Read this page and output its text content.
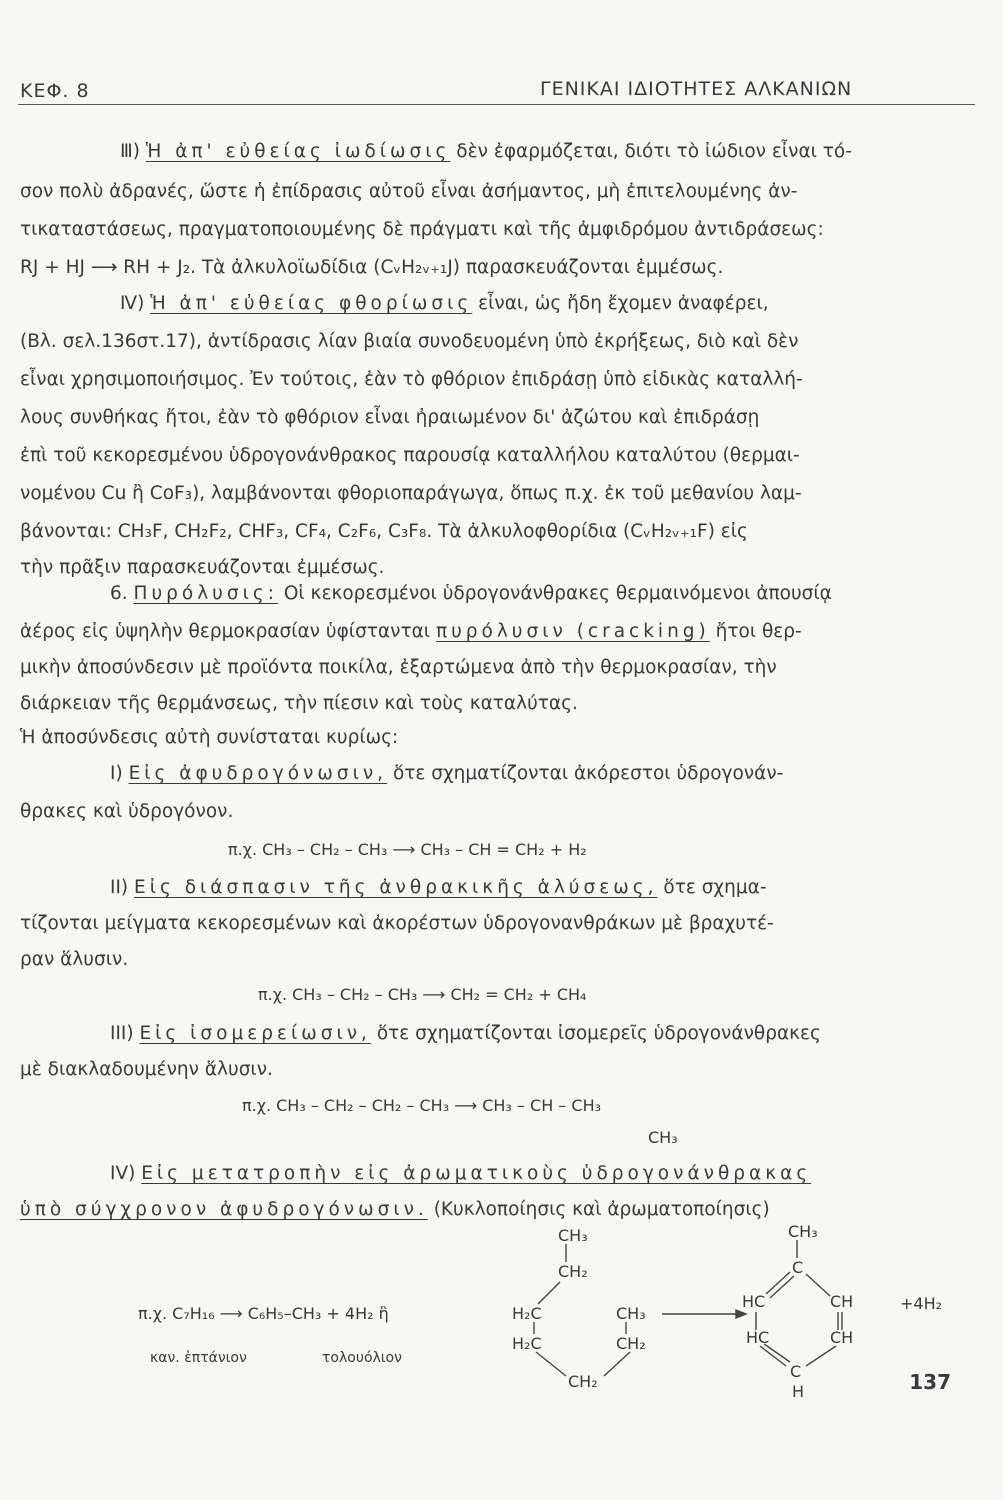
ΚΕΦ. 8	ΓΕΝΙΚΑΙ ΙΔΙΟΤΗΤΕΣ ΑΛΚΑΝΙΩΝ
Ⅲ) Ἡ ἀπ' εὐθείας ἰωδίωσις δὲν ἐφαρμόζεται, διότι τὸ ἰώδιον εἶναι τό-
σον πολὺ ἀδρανές, ὥστε ἡ ἐπίδρασις αὐτοῦ εἶναι ἀσήμαντος, μὴ ἐπιτελουμένης ἀν-
τικαταστάσεως, πραγματοποιουμένης δὲ πράγματι καὶ τῆς ἀμφιδρόμου ἀντιδράσεως:
RJ + HJ ⟶ RH + J₂. Τὰ ἀλκυλοϊωδίδια (CᵥH₂ᵥ₊₁J) παρασκευάζονται ἐμμέσως.
Ⅳ) Ἡ ἀπ' εὐθείας φθορίωσις εἶναι, ὡς ἤδη ἔχομεν ἀναφέρει,
(Βλ. σελ.136στ.17), ἀντίδρασις λίαν βιαία συνοδευομένη ὑπὸ ἐκρήξεως, διὸ καὶ δὲν
εἶναι χρησιμοποιήσιμος. Ἐν τούτοις, ἐὰν τὸ φθόριον ἐπιδράσῃ ὑπὸ εἰδικὰς καταλλή-
λους συνθήκας ἤτοι, ἐὰν τὸ φθόριον εἶναι ἠραιωμένον δι' ἀζώτου καὶ ἐπιδράσῃ
ἐπὶ τοῦ κεκορεσμένου ὑδρογονάνθρακος παρουσίᾳ καταλλήλου καταλύτου (θερμαι-
νομένου Cu ἢ CoF₃), λαμβάνονται φθοριοπαράγωγα, ὅπως π.χ. ἐκ τοῦ μεθανίου λαμ-
βάνονται: CH₃F, CH₂F₂, CHF₃, CF₄, C₂F₆, C₃F₈. Τὰ ἀλκυλοφθορίδια (CᵥH₂ᵥ₊₁F) εἰς
τὴν πρᾶξιν παρασκευάζονται ἐμμέσως.
6. Πυρόλυσις: Οἱ κεκορεσμένοι ὑδρογονάνθρακες θερμαινόμενοι ἀπουσίᾳ
ἀέρος εἰς ὑψηλὴν θερμοκρασίαν ὑφίστανται πυρόλυσιν (cracking) ἤτοι θερ-
μικὴν ἀποσύνδεσιν μὲ προϊόντα ποικίλα, ἐξαρτώμενα ἀπὸ τὴν θερμοκρασίαν, τὴν
διάρκειαν τῆς θερμάνσεως, τὴν πίεσιν καὶ τοὺς καταλύτας.
Ἡ ἀποσύνδεσις αὐτὴ συνίσταται κυρίως:
Ι) Εἰς ἀφυδρογόνωσιν, ὅτε σχηματίζονται ἀκόρεστοι ὑδρογονάν-
θρακες καὶ ὑδρογόνον.
π.χ. CH₃ – CH₂ – CH₃ ⟶ CH₃ – CH = CH₂ + H₂
ΙΙ) Εἰς διάσπασιν τῆς ἀνθρακικῆς ἁλύσεως, ὅτε σχημα-
τίζονται μείγματα κεκορεσμένων καὶ ἀκορέστων ὑδρογονανθράκων μὲ βραχυτέ-
ραν ἅλυσιν.
π.χ. CH₃ – CH₂ – CH₃ ⟶ CH₂ = CH₂ + CH₄
ΙΙΙ) Εἰς ἰσομερείωσιν, ὅτε σχηματίζονται ἰσομερεῖς ὑδρογονάνθρακες
μὲ διακλαδουμένην ἅλυσιν.
π.χ. CH₃ – CH₂ – CH₂ – CH₃ ⟶ CH₃ – CH – CH₃
CH₃
ΙV) Εἰς μετατροπὴν εἰς ἀρωματικοὺς ὑδρογονάνθρακας
ὑπὸ σύγχρονον ἀφυδρογόνωσιν. (Κυκλοποίησις καὶ ἀρωματοποίησις)
π.χ. C₇H₁₆ ⟶ C₆H₅–CH₃ + 4H₂ ἢ
καν. ἑπτάνιον	τολουόλιον
CH₃
CH₂
H₂C	CH₃
H₂C	CH₂
CH₂
CH₃
C
HC	CH	+4H₂
HC	CH
C
H	137
